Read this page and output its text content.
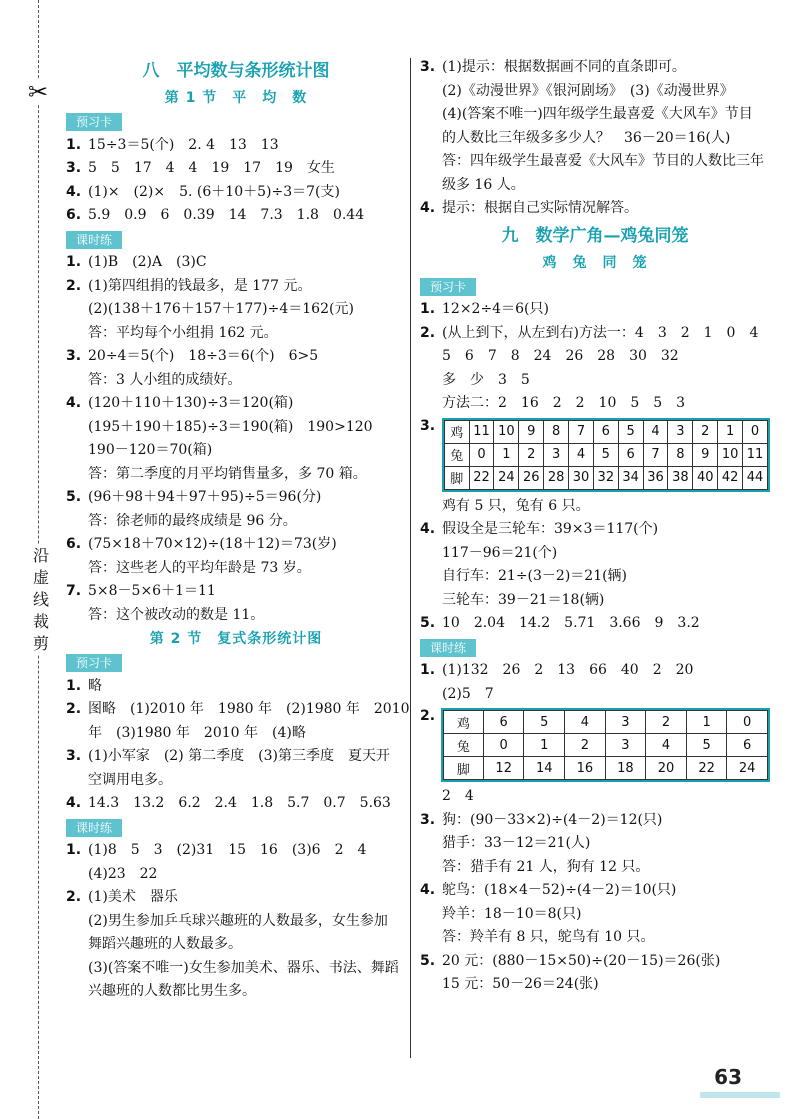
✂
沿
虚
线
裁
剪
八　平均数与条形统计图
第 1 节　平　均　数
预习卡
1. 15÷3＝5(个)　2. 4　13　13
3. 5　5　17　4　4　19　17　19　女生
4. (1)×　(2)×　5. (6＋10＋5)÷3＝7(支)
6. 5.9　0.9　6　0.39　14　7.3　1.8　0.44
课时练
1. (1)B　(2)A　(3)C
2. (1)第四组捐的钱最多，是 177 元。
(2)(138＋176＋157＋177)÷4＝162(元)
答：平均每个小组捐 162 元。
3. 20÷4＝5(个)　18÷3＝6(个)　6>5
答：3 人小组的成绩好。
4. (120＋110＋130)÷3＝120(箱)
(195＋190＋185)÷3＝190(箱)　190>120
190－120＝70(箱)
答：第二季度的月平均销售量多，多 70 箱。
5. (96＋98＋94＋97＋95)÷5＝96(分)
答：徐老师的最终成绩是 96 分。
6. (75×18＋70×12)÷(18＋12)＝73(岁)
答：这些老人的平均年龄是 73 岁。
7. 5×8－5×6＋1＝11
答：这个被改动的数是 11。
第 2 节　复式条形统计图
预习卡
1. 略
2. 图略　(1)2010 年　1980 年　(2)1980 年　2010
年　(3)1980 年　2010 年　(4)略
3. (1)小军家　(2) 第二季度　(3)第三季度　夏天开
空调用电多。
4. 14.3　13.2　6.2　2.4　1.8　5.7　0.7　5.63
课时练
1. (1)8　5　3　(2)31　15　16　(3)6　2　4
(4)23　22
2. (1)美术　器乐
(2)男生参加乒乓球兴趣班的人数最多，女生参加
舞蹈兴趣班的人数最多。
(3)(答案不唯一)女生参加美术、器乐、书法、舞蹈
兴趣班的人数都比男生多。
3. (1)提示：根据数据画不同的直条即可。
(2)《动漫世界》《银河剧场》　(3)《动漫世界》
(4)(答案不唯一)四年级学生最喜爱《大风车》节目
的人数比三年级多多少人？　36－20＝16(人)
答：四年级学生最喜爱《大风车》节目的人数比三年
级多 16 人。
4. 提示：根据自己实际情况解答。
九　数学广角—鸡兔同笼
鸡　兔　同　笼
预习卡
1. 12×2÷4＝6(只)
2. (从上到下，从左到右)方法一：4　3　2　1　0　4
5　6　7　8　24　26　28　30　32
多　少　3　5
方法二：2　16　2　2　10　5　5　3
3.	鸡	11	10	9	8	7	6	5	4	3	2	1	0
兔	0	1	2	3	4	5	6	7	8	9	10	11
脚	22	24	26	28	30	32	34	36	38	40	42	44
鸡有 5 只，兔有 6 只。
4. 假设全是三轮车：39×3＝117(个)
117－96＝21(个)
自行车：21÷(3－2)＝21(辆)
三轮车：39－21＝18(辆)
5. 10　2.04　14.2　5.71　3.66　9　3.2
课时练
1. (1)132　26　2　13　66　40　2　20
(2)5　7
2.	鸡	6	5	4	3	2	1	0
兔	0	1	2	3	4	5	6
脚	12	14	16	18	20	22	24
2　4
3. 狗：(90－33×2)÷(4－2)＝12(只)
猎手：33－12＝21(人)
答：猎手有 21 人，狗有 12 只。
4. 鸵鸟：(18×4－52)÷(4－2)＝10(只)
羚羊：18－10＝8(只)
答：羚羊有 8 只，鸵鸟有 10 只。
5. 20 元：(880－15×50)÷(20－15)＝26(张)
15 元：50－26＝24(张)
63
